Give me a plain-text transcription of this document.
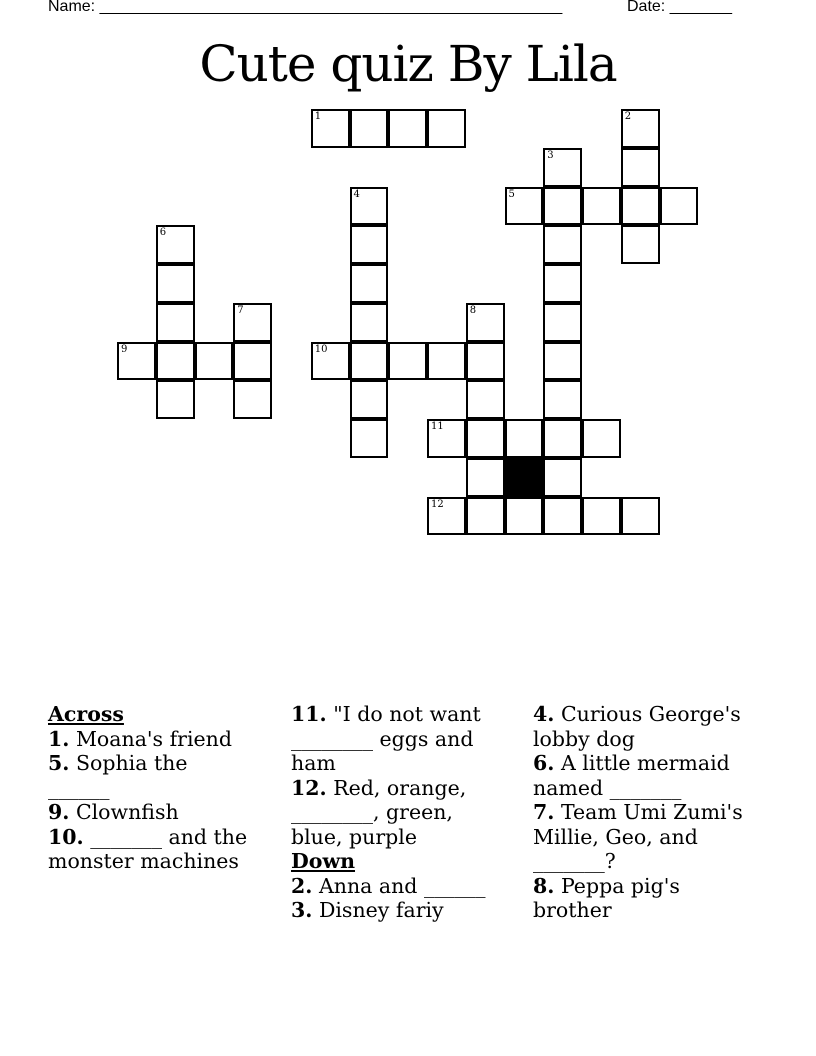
Name: ____________________________________________________	Date: _______
Cute quiz By Lila
1	2
3
4	5
6
7	8
9	10
11
12
Across

1. Moana's friend

5. Sophia the ______

9. Clownfish

10. _______ and the monster machines

11. "I do not want ________ eggs and ham

12. Red, orange, ________, green, blue, purple

Down

2. Anna and ______

3. Disney fariy

4. Curious George's lobby dog

6. A little mermaid named _______

7. Team Umi Zumi's Millie, Geo, and _______?

8. Peppa pig's brother
